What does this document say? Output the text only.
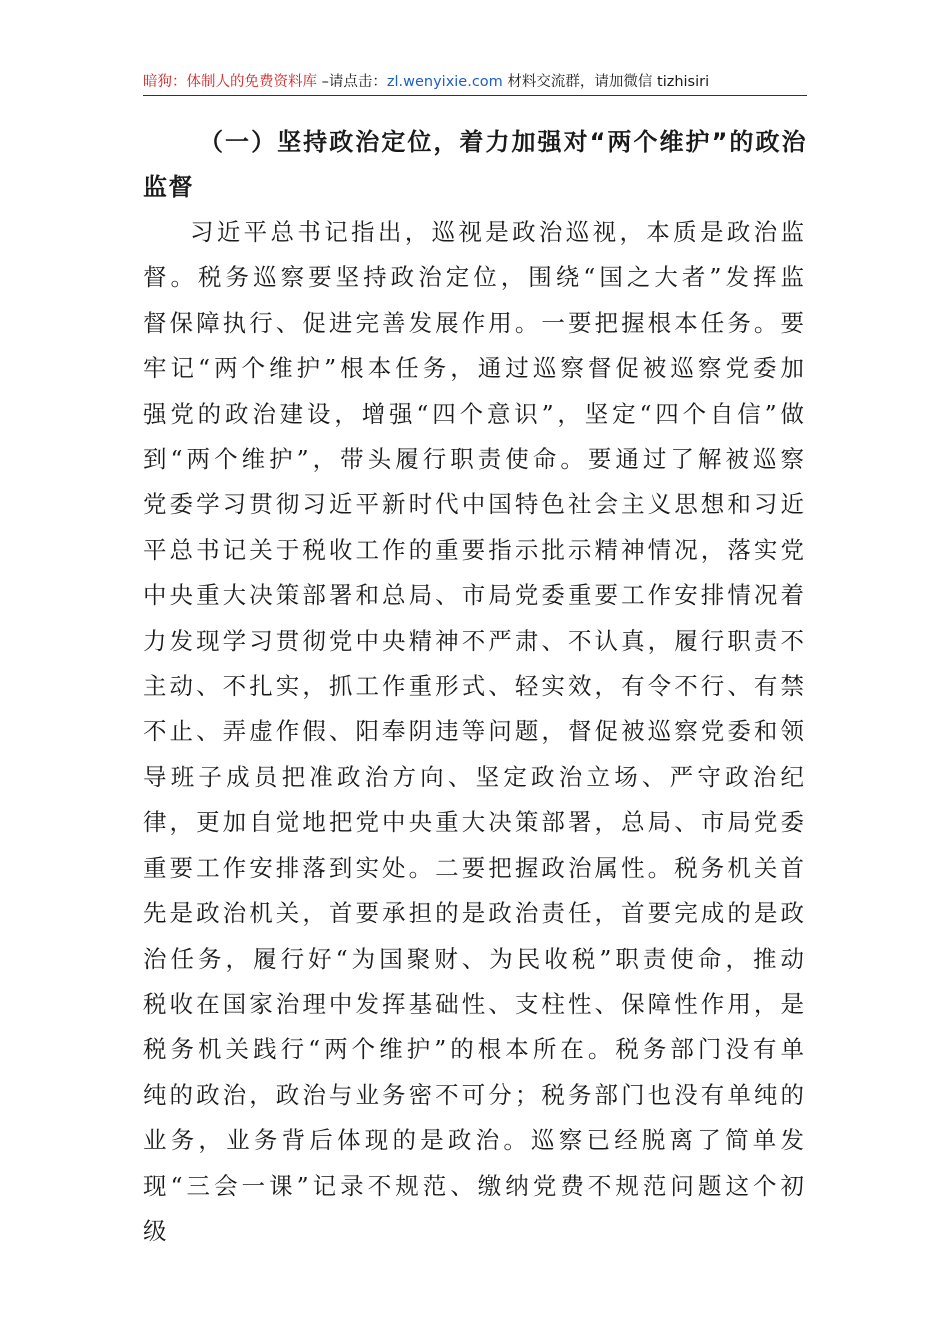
暗狗：体制人的免费资料库 –请点击：zl.wenyixie.com 材料交流群，请加微信 tizhisiri

（一）坚持政治定位，着力加强对“两个维护”的政治监督

习近平总书记指出，巡视是政治巡视，本质是政治监督。税务巡察要坚持政治定位，围绕“国之大者”发挥监督保障执行、促进完善发展作用。一要把握根本任务。要牢记“两个维护”根本任务，通过巡察督促被巡察党委加强党的政治建设，增强“四个意识”，坚定“四个自信”做到“两个维护”，带头履行职责使命。要通过了解被巡察党委学习贯彻习近平新时代中国特色社会主义思想和习近平总书记关于税收工作的重要指示批示精神情况，落实党中央重大决策部署和总局、市局党委重要工作安排情况着力发现学习贯彻党中央精神不严肃、不认真，履行职责不主动、不扎实，抓工作重形式、轻实效，有令不行、有禁不止、弄虚作假、阳奉阴违等问题，督促被巡察党委和领导班子成员把准政治方向、坚定政治立场、严守政治纪律，更加自觉地把党中央重大决策部署，总局、市局党委重要工作安排落到实处。二要把握政治属性。税务机关首先是政治机关，首要承担的是政治责任，首要完成的是政治任务，履行好“为国聚财、为民收税”职责使命，推动税收在国家治理中发挥基础性、支柱性、保障性作用，是税务机关践行“两个维护”的根本所在。税务部门没有单纯的政治，政治与业务密不可分；税务部门也没有单纯的业务，业务背后体现的是政治。巡察已经脱离了简单发现“三会一课”记录不规范、缴纳党费不规范问题这个初级
